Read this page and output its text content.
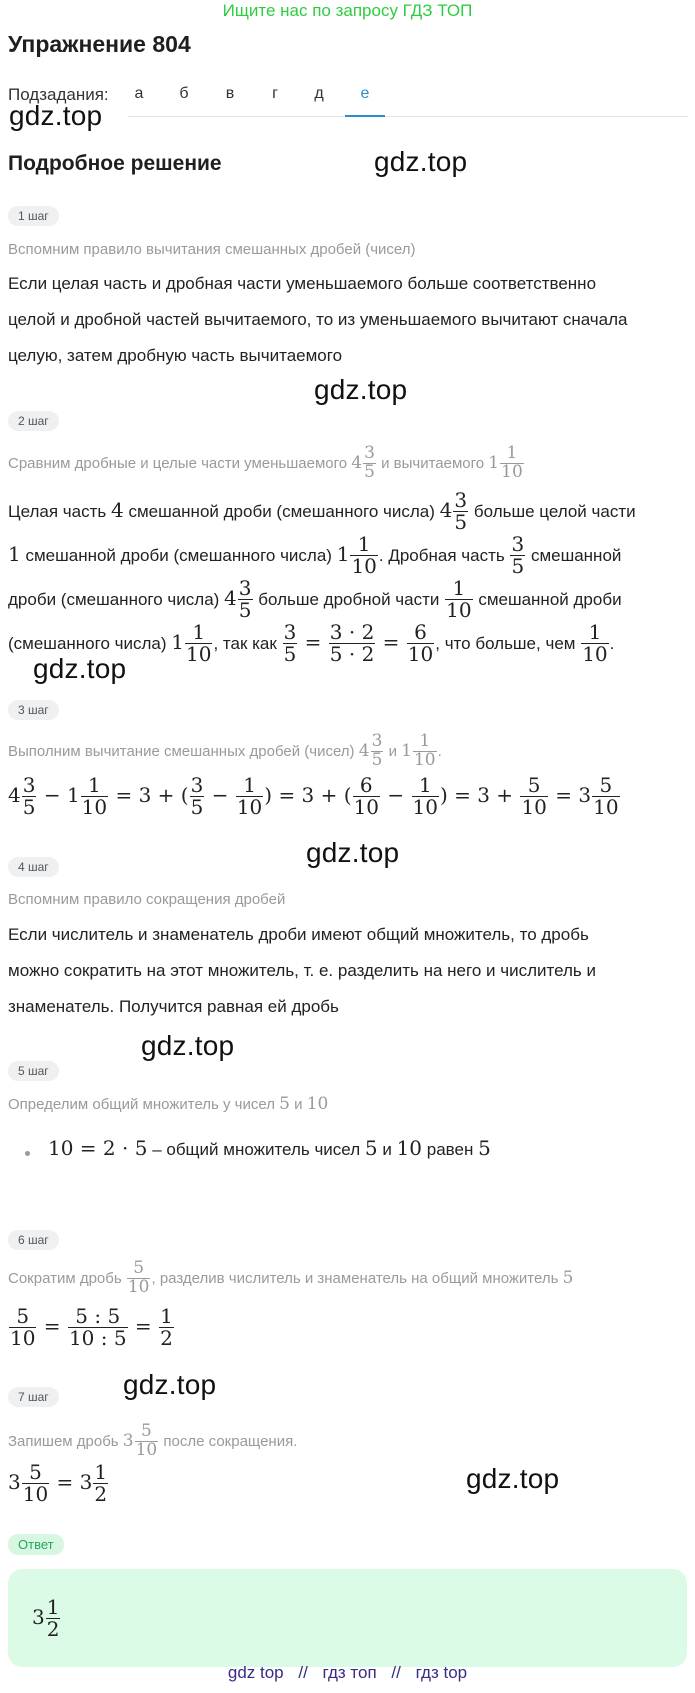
Ищите нас по запросу ГДЗ ТОП
Упражнение 804
Подзадания:	а	б	в	г	д	е
gdz.top
gdz.top
gdz.top
gdz.top
gdz.top
gdz.top
gdz.top
gdz.top
Подробное решение
1 шаг
Вспомним правило вычитания смешанных дробей (чисел)
Если целая часть и дробная части уменьшаемого больше соответственно
целой и дробной частей вычитаемого, то из уменьшаемого вычитают сначала
целую, затем дробную часть вычитаемого
2 шаг
Сравним дробные и целые части уменьшаемого $4 \frac{3}{5}$ и вычитаемого $1 \frac{1}{10}$
Целая часть 4 смешанной дроби (смешанного числа) $4 \frac{3}{5}$ больше целой части
1 смешанной дроби (смешанного числа) $1 \frac{1}{10}$ . Дробная часть $\frac{3}{5}$ смешанной
дроби (смешанного числа) $4 \frac{3}{5}$ больше дробной части $\frac{1}{10}$ смешанной дроби
(смешанного числа) $1 \frac{1}{10}$ , так как $\frac{3}{5} = \frac{3 \cdot 2}{5 \cdot 2} = \frac{6}{10}$ , что больше, чем $\frac{1}{10}$ .
3 шаг
Выполним вычитание смешанных дробей (чисел) $4 \frac{3}{5}$ и $1 \frac{1}{10}$ .
$4 \frac{3}{5} - 1 \frac{1}{10} = 3$ + ( $\frac{3}{5} - \frac{1}{10}$ ) = 3 + ( $\frac{6}{10} - \frac{1}{10}$ ) = $3 + \frac{5}{10} = 3 \frac{5}{10}$
4 шаг
Вспомним правило сокращения дробей
Если числитель и знаменатель дроби имеют общий множитель, то дробь
можно сократить на этот множитель, т. е. разделить на него и числитель и
знаменатель. Получится равная ей дробь
5 шаг
Определим общий множитель у чисел 5 и 10
10 = 2 · 5 – общий множитель чисел 5 и 10 равен 5
6 шаг
Сократим дробь $\frac{5}{10}$ , разделив числитель и знаменатель на общий множитель 5
$\frac{5}{10} = \frac{5 : 5}{10 : 5} = \frac{1}{2}$
7 шаг
Запишем дробь $3 \frac{5}{10}$ после сокращения.
$3 \frac{5}{10} = 3 \frac{1}{2}$
Ответ
$3 \frac{1}{2}$
gdz top // гдз топ // гдз top
